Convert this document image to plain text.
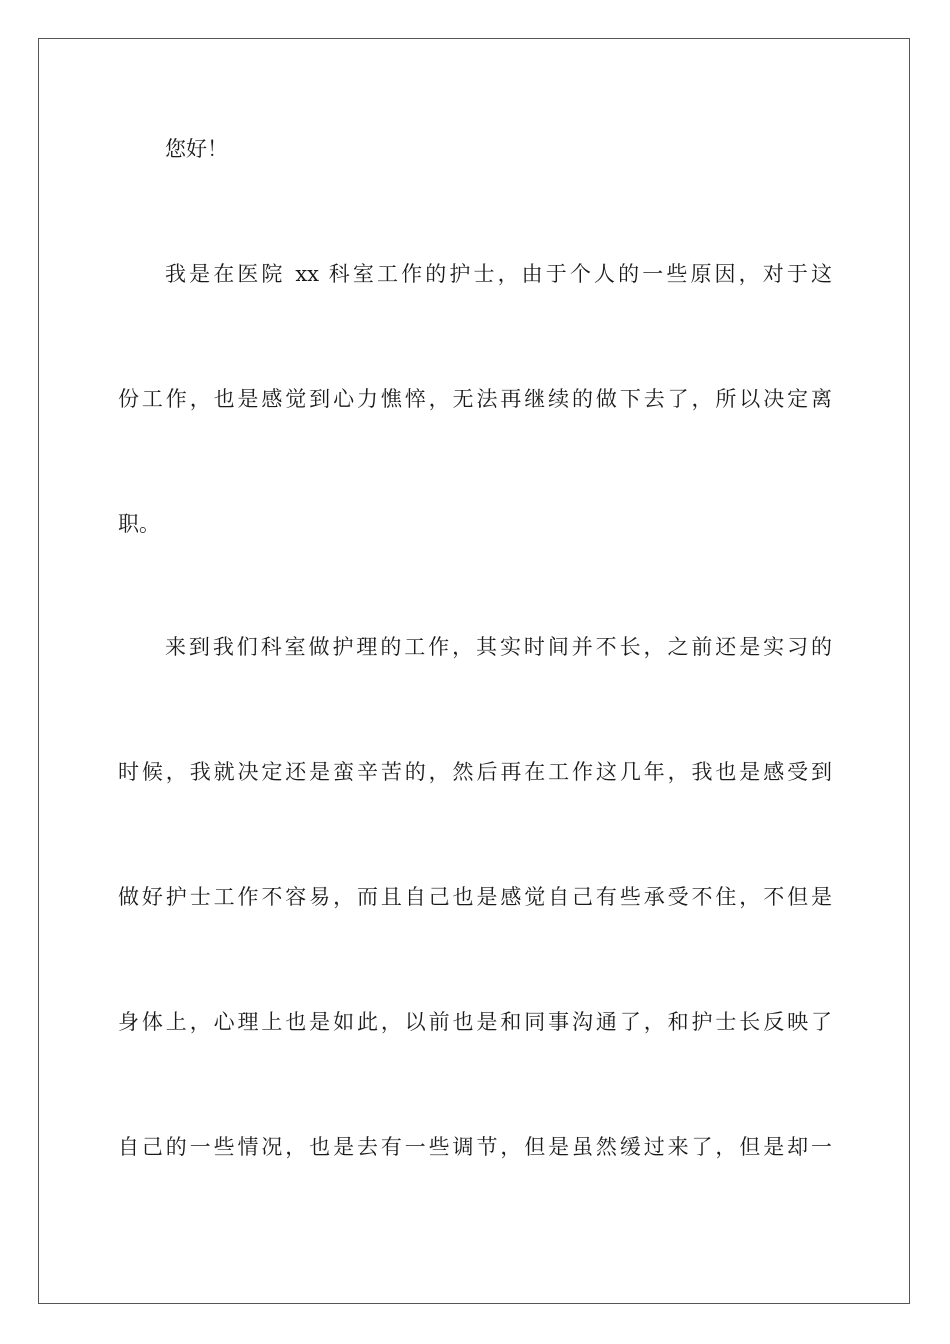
您好！
我是在医院 xx 科室工作的护士，由于个人的一些原因，对于这
份工作，也是感觉到心力憔悴，无法再继续的做下去了，所以决定离
职。
来到我们科室做护理的工作，其实时间并不长，之前还是实习的
时候，我就决定还是蛮辛苦的，然后再在工作这几年，我也是感受到
做好护士工作不容易，而且自己也是感觉自己有些承受不住，不但是
身体上，心理上也是如此，以前也是和同事沟通了，和护士长反映了
自己的一些情况，也是去有一些调节，但是虽然缓过来了，但是却一
